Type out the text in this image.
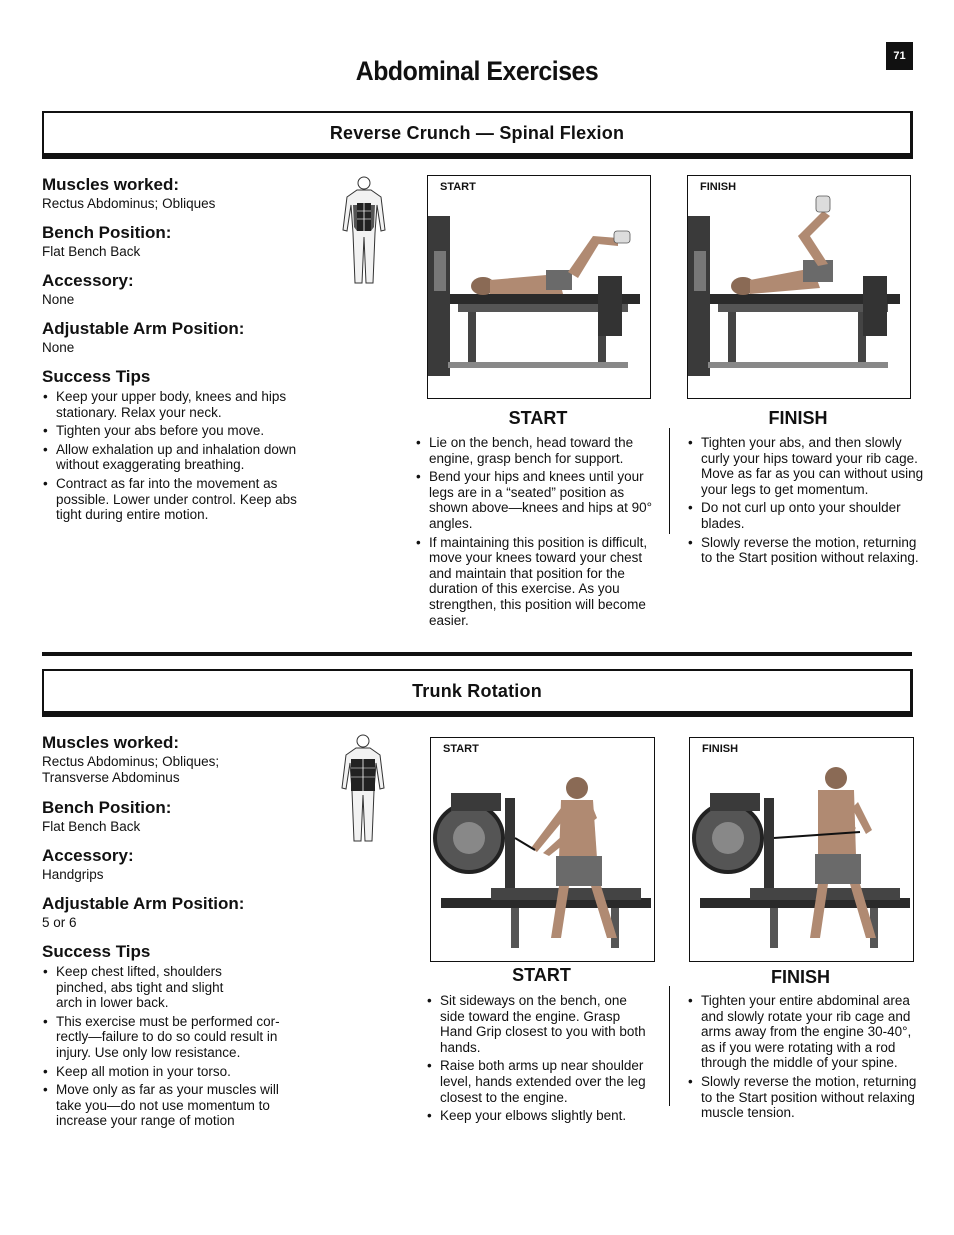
71
Abdominal Exercises
Reverse Crunch — Spinal Flexion
Muscles worked:
Rectus Abdominus; Obliques
Bench Position:
Flat Bench Back
Accessory:
None
Adjustable Arm Position:
None
Success Tips
• Keep your upper body, knees and hips stationary. Relax your neck.
• Tighten your abs before you move.
• Allow exhalation up and inhalation down without exaggerating breathing.
• Contract as far into the movement as possible. Lower under control. Keep abs tight during entire motion.
START	FINISH
START	FINISH
• Lie on the bench, head toward the engine, grasp bench for support.
• Bend your hips and knees until your legs are in a “seated” position as shown above—knees and hips at 90° angles.
• If maintaining this position is difficult, move your knees toward your chest and maintain that position for the duration of this exercise. As you strengthen, this position will become easier.
• Tighten your abs, and then slowly curly your hips toward your rib cage. Move as far as you can without using your legs to get momentum.
• Do not curl up onto your shoulder blades.
• Slowly reverse the motion, returning to the Start position without relaxing.
Trunk Rotation
Muscles worked:
Rectus Abdominus; Obliques; Transverse Abdominus
Bench Position:
Flat Bench Back
Accessory:
Handgrips
Adjustable Arm Position:
5 or 6
Success Tips
• Keep chest lifted, shoulders pinched, abs tight and slight arch in lower back.
• This exercise must be performed cor-rectly—failure to do so could result in injury. Use only low resistance.
• Keep all motion in your torso.
• Move only as far as your muscles will take you—do not use momentum to increase your range of motion
START	FINISH
START	FINISH
• Sit sideways on the bench, one side toward the engine. Grasp Hand Grip closest to you with both hands.
• Raise both arms up near shoulder level, hands extended over the leg closest to the engine.
• Keep your elbows slightly bent.
• Tighten your entire abdominal area and slowly rotate your rib cage and arms away from the engine 30-40°, as if you were rotating with a rod through the middle of your spine.
• Slowly reverse the motion, returning to the Start position without relaxing muscle tension.
